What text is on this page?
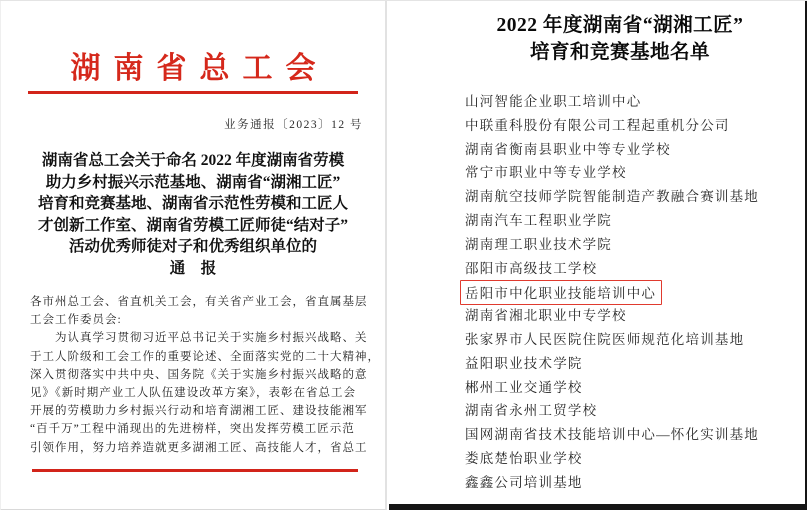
湖南省总工会
业务通报〔2023〕12 号
湖南省总工会关于命名 2022 年度湖南省劳模
助力乡村振兴示范基地、湖南省“湖湘工匠”
培育和竞赛基地、湖南省示范性劳模和工匠人
才创新工作室、湖南省劳模工匠师徒“结对子”
活动优秀师徒对子和优秀组织单位的
通　报
各市州总工会、省直机关工会，有关省产业工会，省直属基层
工会工作委员会:
　　为认真学习贯彻习近平总书记关于实施乡村振兴战略、关
于工人阶级和工会工作的重要论述、全面落实党的二十大精神，
深入贯彻落实中共中央、国务院《关于实施乡村振兴战略的意
见》《新时期产业工人队伍建设改革方案》，表彰在省总工会
开展的劳模助力乡村振兴行动和培育湖湘工匠、建设技能湘军
“百千万”工程中涌现出的先进榜样，突出发挥劳模工匠示范
引领作用，努力培养造就更多湖湘工匠、高技能人才，省总工
2022 年度湖南省“湖湘工匠”
培育和竞赛基地名单
山河智能企业职工培训中心
中联重科股份有限公司工程起重机分公司
湖南省衡南县职业中等专业学校
常宁市职业中等专业学校
湖南航空技师学院智能制造产教融合赛训基地
湖南汽车工程职业学院
湖南理工职业技术学院
邵阳市高级技工学校
岳阳市中化职业技能培训中心
湖南省湘北职业中专学校
张家界市人民医院住院医师规范化培训基地
益阳职业技术学院
郴州工业交通学校
湖南省永州工贸学校
国网湖南省技术技能培训中心—怀化实训基地
娄底楚怡职业学校
鑫鑫公司培训基地
